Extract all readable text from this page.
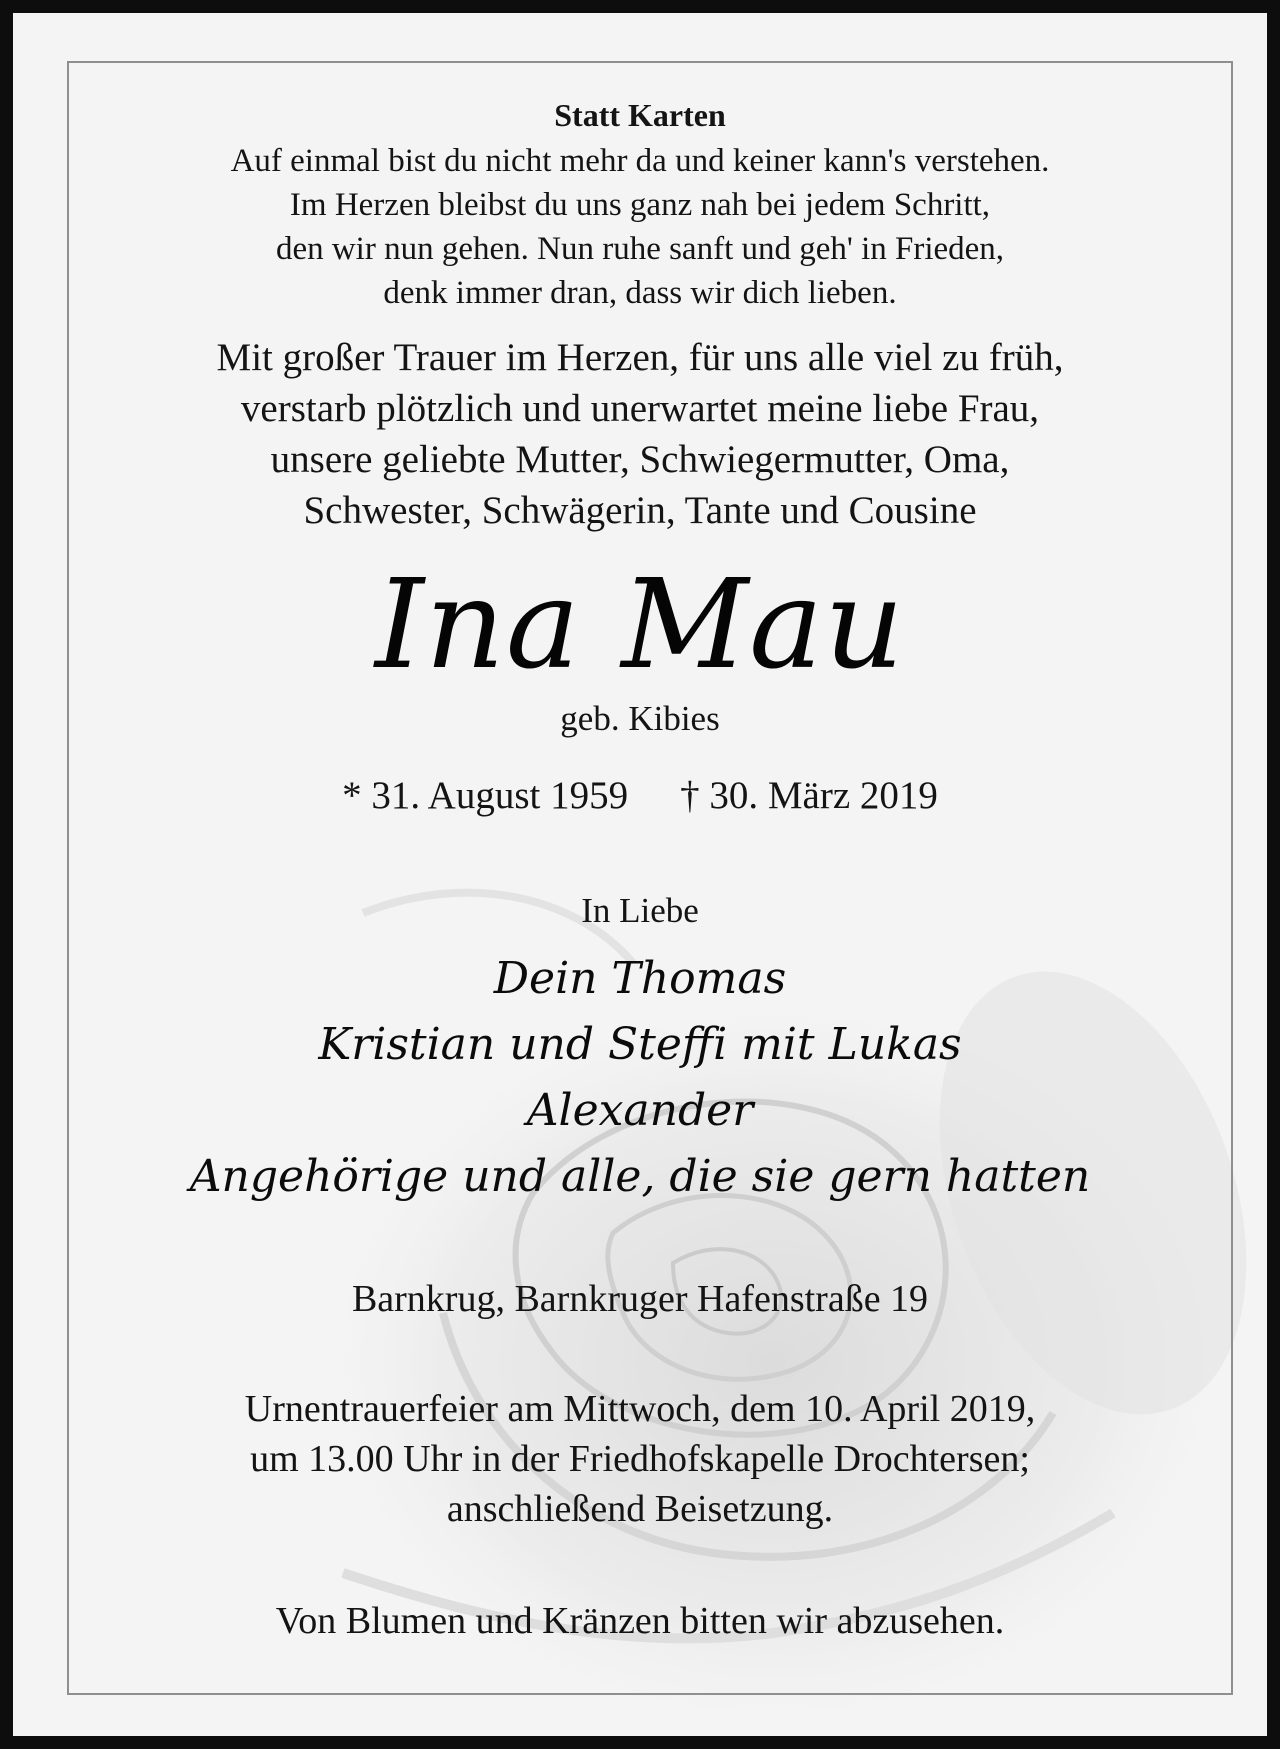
Statt Karten
Auf einmal bist du nicht mehr da und keiner kann's verstehen.
Im Herzen bleibst du uns ganz nah bei jedem Schritt,
den wir nun gehen. Nun ruhe sanft und geh' in Frieden,
denk immer dran, dass wir dich lieben.
Mit großer Trauer im Herzen, für uns alle viel zu früh,
verstarb plötzlich und unerwartet meine liebe Frau,
unsere geliebte Mutter, Schwiegermutter, Oma,
Schwester, Schwägerin, Tante und Cousine
Ina Mau
geb. Kibies
* 31. August 1959 † 30. März 2019
In Liebe
Dein Thomas
Kristian und Steffi mit Lukas
Alexander
Angehörige und alle, die sie gern hatten
Barnkrug, Barnkruger Hafenstraße 19
Urnentrauerfeier am Mittwoch, dem 10. April 2019,
um 13.00 Uhr in der Friedhofskapelle Drochtersen;
anschließend Beisetzung.
Von Blumen und Kränzen bitten wir abzusehen.
